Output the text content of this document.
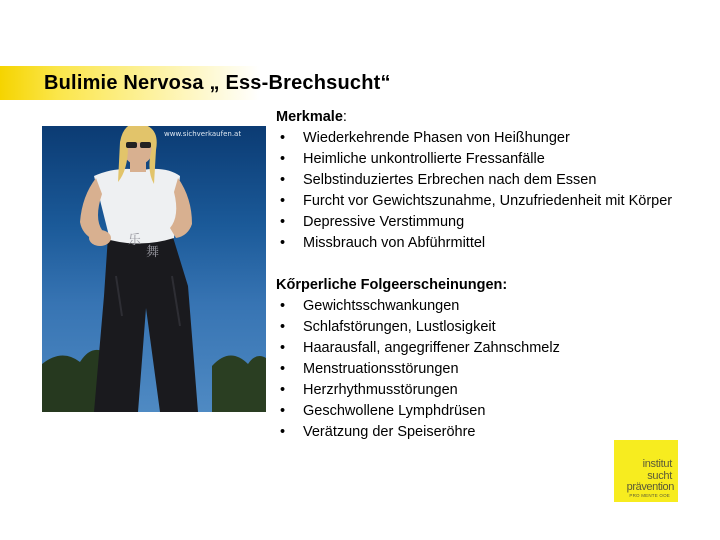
Bulimie Nervosa „ Ess-Brechsucht“
乐
舞
www.sichverkaufen.at
Merkmale:
• Wiederkehrende Phasen von Heißhunger
• Heimliche unkontrollierte Fressanfälle
• Selbstinduziertes Erbrechen nach dem Essen
• Furcht vor Gewichtszunahme, Unzufriedenheit mit Körper
• Depressive Verstimmung
• Missbrauch von Abführmittel
Kőrperliche Folgeerscheinungen:
• Gewichtsschwankungen
• Schlafstörungen, Lustlosigkeit
• Haarausfall, angegriffener Zahnschmelz
• Menstruationsstörungen
• Herzrhythmusstörungen
• Geschwollene Lymphdrüsen
• Verätzung der Speiseröhre
institut
sucht
prävention
PRO MENTE OOE
